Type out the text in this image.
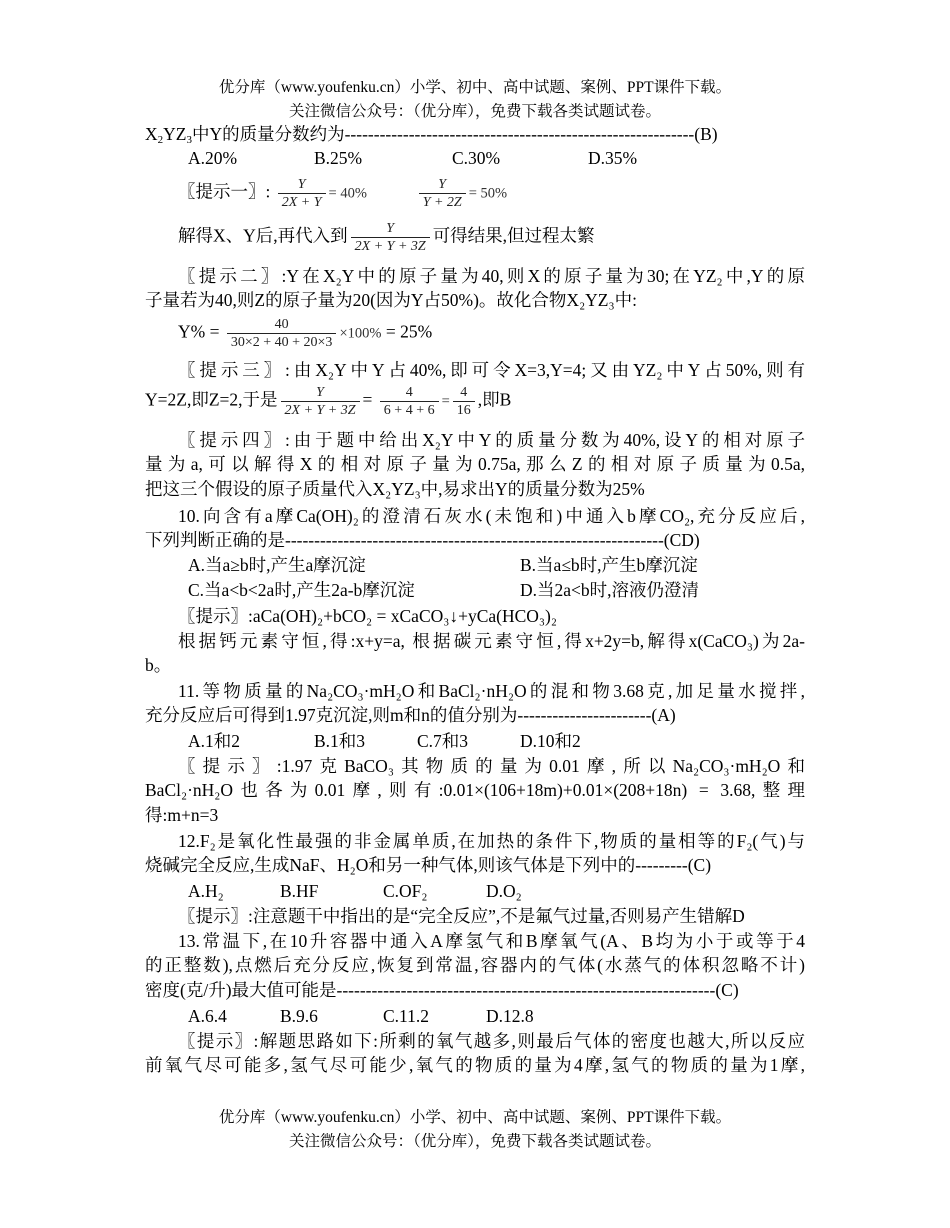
优分库（www.youfenku.cn）小学、初中、高中试题、案例、PPT课件下载。
关注微信公众号：（优分库），免费下载各类试题试卷。
$X_2YZ_3$中Y的质量分数约为------------------------------------------------------------(B)
A.20%	B.25%	C.30%	D.35%
〖提示一〗: $\frac{Y}{2X + Y} = 40\%$	$\frac{Y}{Y + 2Z} = 50\%$
解得X、Y后,再代入到 $\frac{Y}{2X + Y + 3Z}$ 可得结果,但过程太繁
〖提示二〗:Y在X₂Y中的原子量为40,则X的原子量为30;在YZ₂中,Y的原
子量若为40,则Z的原子量为20(因为Y占50%)。故化合物X₂YZ₃中:
$Y\% = \frac{40}{30\times 2 + 40 + 20\times 3} \times 100\% = 25\%$
〖提示三〗:由X₂Y中Y占40%,即可令X=3,Y=4;又由YZ₂中Y占50%,则有
Y=2Z,即Z=2,于是 $\frac{Y}{2X + Y + 3Z} = \frac{4}{6 + 4 + 6} = \frac{4}{16}$ ,即B
〖提示四〗:由于题中给出X₂Y中Y的质量分数为40%,设Y的相对原子
量为a,可以解得X的相对原子量为0.75a,那么Z的相对原子质量为0.5a,
把这三个假设的原子质量代入X₂YZ₃中,易求出Y的质量分数为25%
10.向含有a摩Ca(OH)₂的澄清石灰水(未饱和)中通入b摩CO₂,充分反应后,
下列判断正确的是-----------------------------------------------------------------(CD)
A.当a≥b时,产生a摩沉淀	B.当a≤b时,产生b摩沉淀
C.当a<b<2a时,产生2a-b摩沉淀	D.当2a<b时,溶液仍澄清
〖提示〗:aCa(OH)₂+bCO₂ = xCaCO₃↓+yCa(HCO₃)₂
根据钙元素守恒,得:x+y=a, 根据碳元素守恒,得x+2y=b,解得x(CaCO₃)为2a-
b。
11.等物质量的Na₂CO₃·mH₂O和BaCl₂·nH₂O的混和物3.68克,加足量水搅拌,
充分反应后可得到1.97克沉淀,则m和n的值分别为-----------------------(A)
A.1和2	B.1和3	C.7和3	D.10和2
〖提示〗:1.97克BaCO₃其物质的量为0.01摩,所以Na₂CO₃·mH₂O和
BaCl₂·nH₂O也各为0.01摩,则有:0.01×(106+18m)+0.01×(208+18n) = 3.68,整理
得:m+n=3
12.F₂是氧化性最强的非金属单质,在加热的条件下,物质的量相等的F₂(气)与
烧碱完全反应,生成NaF、H₂O和另一种气体,则该气体是下列中的---------(C)
A.H₂	B.HF	C.OF₂	D.O₂
〖提示〗:注意题干中指出的是“完全反应”,不是氟气过量,否则易产生错解D
13.常温下,在10升容器中通入A摩氢气和B摩氧气(A、B均为小于或等于4
的正整数),点燃后充分反应,恢复到常温,容器内的气体(水蒸气的体积忽略不计)
密度(克/升)最大值可能是-----------------------------------------------------------------(C)
A.6.4	B.9.6	C.11.2	D.12.8
〖提示〗:解题思路如下:所剩的氧气越多,则最后气体的密度也越大,所以反应
前氧气尽可能多,氢气尽可能少,氧气的物质的量为4摩,氢气的物质的量为1摩,
优分库（www.youfenku.cn）小学、初中、高中试题、案例、PPT课件下载。
关注微信公众号：（优分库），免费下载各类试题试卷。
